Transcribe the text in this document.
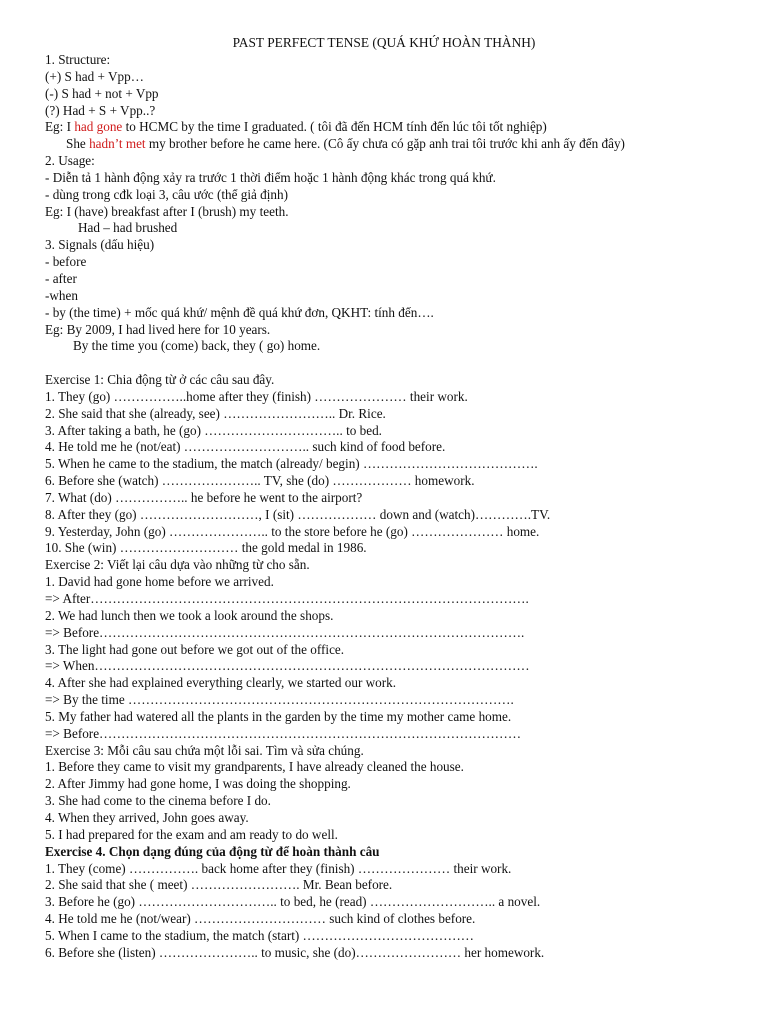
PAST PERFECT TENSE (QUÁ KHỨ HOÀN THÀNH)
1. Structure:
(+) S had + Vpp…
(-) S had + not + Vpp
(?) Had + S + Vpp..?
Eg: I had gone to HCMC by the time I graduated. ( tôi đã đến HCM tính đến lúc tôi tốt nghiệp)
She hadn’t met my brother before he came here. (Cô ấy chưa có gặp anh trai tôi trước khi anh ấy đến đây)
2. Usage:
- Diễn tả 1 hành động xảy ra trước 1 thời điểm hoặc 1 hành động khác trong quá khứ.
- dùng trong cđk loại 3, câu ước (thể giả định)
Eg: I (have) breakfast after I (brush) my teeth.
Had – had brushed
3. Signals (dấu hiệu)
- before
- after
-when
- by (the time) + mốc quá khứ/ mệnh đề quá khứ đơn, QKHT: tính đến….
Eg: By 2009, I had lived here for 10 years.
By the time you (come) back, they ( go) home.
Exercise 1: Chia động từ ở các câu sau đây.
1. They (go) ……………..home after they (finish) ………………… their work.
2. She said that she (already, see) …………………….. Dr. Rice.
3. After taking a bath, he (go) ………………………….. to bed.
4. He told me he (not/eat) ……………………….. such kind of food before.
5. When he came to the stadium, the match (already/ begin) ………………………………….
6. Before she (watch) ………………….. TV, she (do) ……………… homework.
7. What (do) …………….. he before he went to the airport?
8. After they (go) ………………………, I (sit) ……………… down and (watch)………….TV.
9. Yesterday, John (go) ………………….. to the store before he (go) ………………… home.
10. She (win) ……………………… the gold medal in 1986.
Exercise 2: Viết lại câu dựa vào những từ cho sẵn.
1. David had gone home before we arrived.
=> After……………………………………………………………………………………….
2. We had lunch then we took a look around the shops.
=> Before…………………………………………………………………………………….
3. The light had gone out before we got out of the office.
=> When………………………………………………………………………………………
4. After she had explained everything clearly, we started our work.
=> By the time …………………………………………………………………………….
5. My father had watered all the plants in the garden by the time my mother came home.
=> Before……………………………………………………………………………………
Exercise 3: Mỗi câu sau chứa một lỗi sai. Tìm và sửa chúng.
1. Before they came to visit my grandparents, I have already cleaned the house.
2. After Jimmy had gone home, I was doing the shopping.
3. She had come to the cinema before I do.
4. When they arrived, John goes away.
5. I had prepared for the exam and am ready to do well.
Exercise 4. Chọn dạng đúng của động từ để hoàn thành câu
1. They (come) ……………. back home after they (finish) ………………… their work.
2. She said that she ( meet) ……………………. Mr. Bean before.
3. Before he (go) ………………………….. to bed, he (read) ……………………….. a novel.
4. He told me he (not/wear) ………………………… such kind of clothes before.
5. When I came to the stadium, the match (start) …………………………………
6. Before she (listen) ………………….. to music, she (do)…………………… her homework.
